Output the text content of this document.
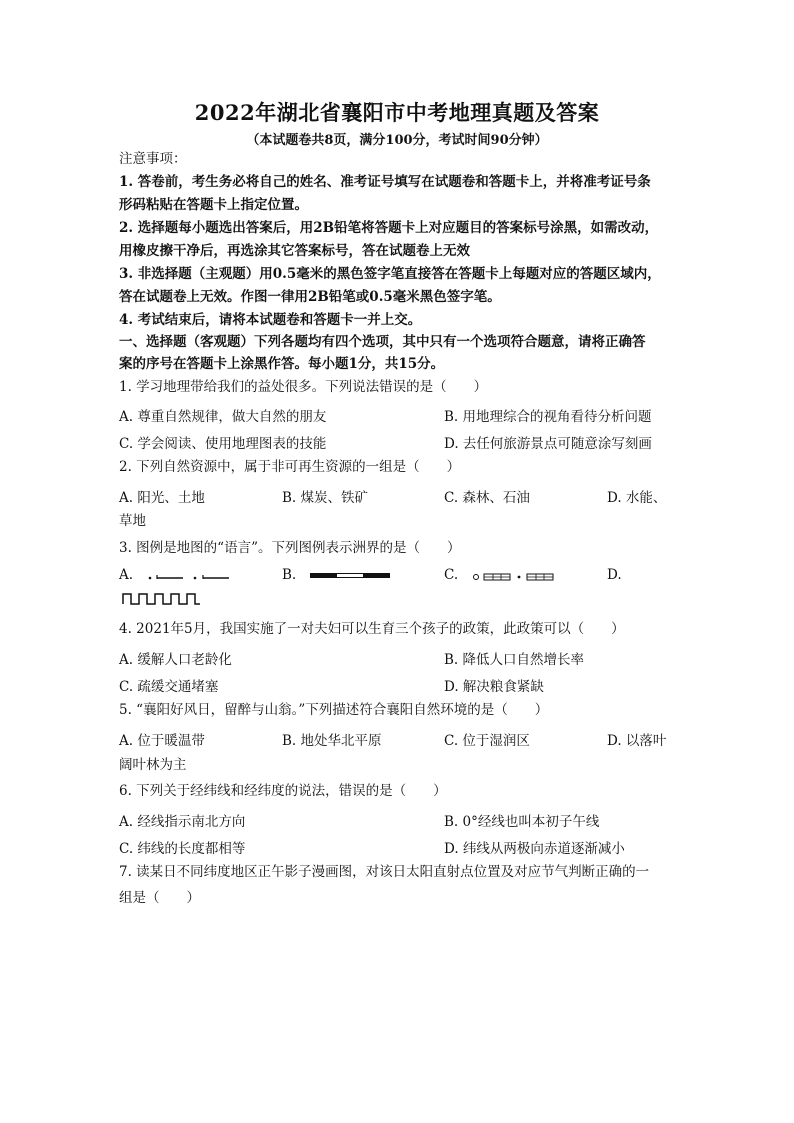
2022年湖北省襄阳市中考地理真题及答案
（本试题卷共8页，满分100分，考试时间90分钟）
注意事项：
1. 答卷前，考生务必将自己的姓名、准考证号填写在试题卷和答题卡上，并将准考证号条
形码粘贴在答题卡上指定位置。
2. 选择题每小题选出答案后，用2B铅笔将答题卡上对应题目的答案标号涂黑，如需改动，
用橡皮擦干净后，再选涂其它答案标号，答在试题卷上无效
3. 非选择题（主观题）用0.5毫米的黑色签字笔直接答在答题卡上每题对应的答题区域内，
答在试题卷上无效。作图一律用2B铅笔或0.5毫米黑色签字笔。
4. 考试结束后，请将本试题卷和答题卡一并上交。
一、选择题（客观题）下列各题均有四个选项，其中只有一个选项符合题意，请将正确答
案的序号在答题卡上涂黑作答。每小题1分，共15分。
1. 学习地理带给我们的益处很多。下列说法错误的是（　　）
A. 尊重自然规律，做大自然的朋友	B. 用地理综合的视角看待分析问题
C. 学会阅读、使用地理图表的技能	D. 去任何旅游景点可随意涂写刻画
2. 下列自然资源中，属于非可再生资源的一组是（　　）
A. 阳光、土地	B. 煤炭、铁矿	C. 森林、石油	D. 水能、
草地
3. 图例是地图的“语言”。下列图例表示洲界的是（　　）
A.	B.	C.	D.
4. 2021年5月，我国实施了一对夫妇可以生育三个孩子的政策，此政策可以（　　）
A. 缓解人口老龄化	B. 降低人口自然增长率
C. 疏缓交通堵塞	D. 解决粮食紧缺
5. “襄阳好风日，留醉与山翁。”下列描述符合襄阳自然环境的是（　　）
A. 位于暖温带	B. 地处华北平原	C. 位于湿润区	D. 以落叶
阔叶林为主
6. 下列关于经纬线和经纬度的说法，错误的是（　　）
A. 经线指示南北方向	B. 0°经线也叫本初子午线
C. 纬线的长度都相等	D. 纬线从两极向赤道逐渐减小
7. 读某日不同纬度地区正午影子漫画图，对该日太阳直射点位置及对应节气判断正确的一
组是（　　）
